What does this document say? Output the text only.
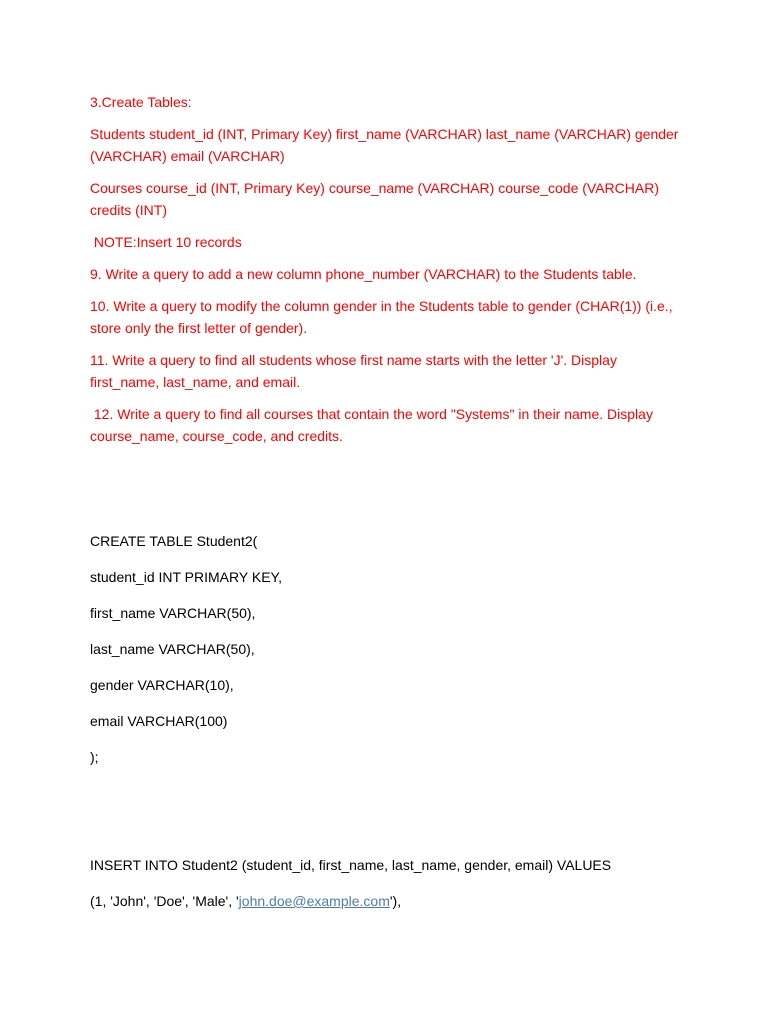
3.Create Tables:

Students student_id (INT, Primary Key) first_name (VARCHAR) last_name (VARCHAR) gender (VARCHAR) email (VARCHAR)

Courses course_id (INT, Primary Key) course_name (VARCHAR) course_code (VARCHAR) credits (INT)

NOTE:Insert 10 records

9. Write a query to add a new column phone_number (VARCHAR) to the Students table.

10. Write a query to modify the column gender in the Students table to gender (CHAR(1)) (i.e., store only the first letter of gender).

11. Write a query to find all students whose first name starts with the letter 'J'. Display first_name, last_name, and email.

12. Write a query to find all courses that contain the word "Systems" in their name. Display course_name, course_code, and credits.

CREATE TABLE Student2(

student_id INT PRIMARY KEY,

first_name VARCHAR(50),

last_name VARCHAR(50),

gender VARCHAR(10),

email VARCHAR(100)

);

INSERT INTO Student2 (student_id, first_name, last_name, gender, email) VALUES

(1, 'John', 'Doe', 'Male', 'john.doe@example.com'),
